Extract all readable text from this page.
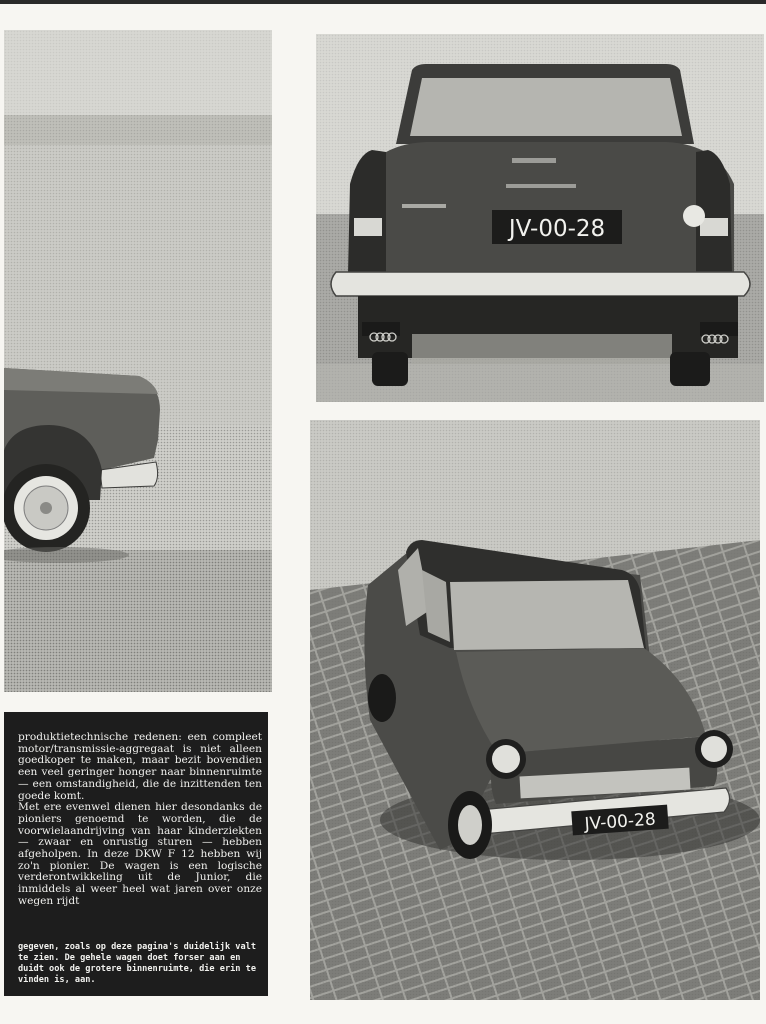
JV-00-28
JV-00-28

produktietechnische redenen: een compleet motor/transmissie-aggregaat is niet alleen goedkoper te maken, maar bezit bovendien een veel geringer honger naar binnenruimte — een omstandigheid, die de inzittenden ten goede komt.

Met ere evenwel dienen hier desondanks de pioniers genoemd te worden, die de voorwielaandrijving van haar kinderziekten — zwaar en onrustig sturen — hebben afgeholpen. In deze DKW F 12 hebben wij zo'n pionier. De wagen is een logische verderontwikkeling uit de Junior, die inmiddels al weer heel wat jaren over onze wegen rijdt

gegeven, zoals op deze pagina's duidelijk valt te zien. De gehele wagen doet forser aan en duidt ook de grotere binnenruimte, die erin te vinden is, aan.
